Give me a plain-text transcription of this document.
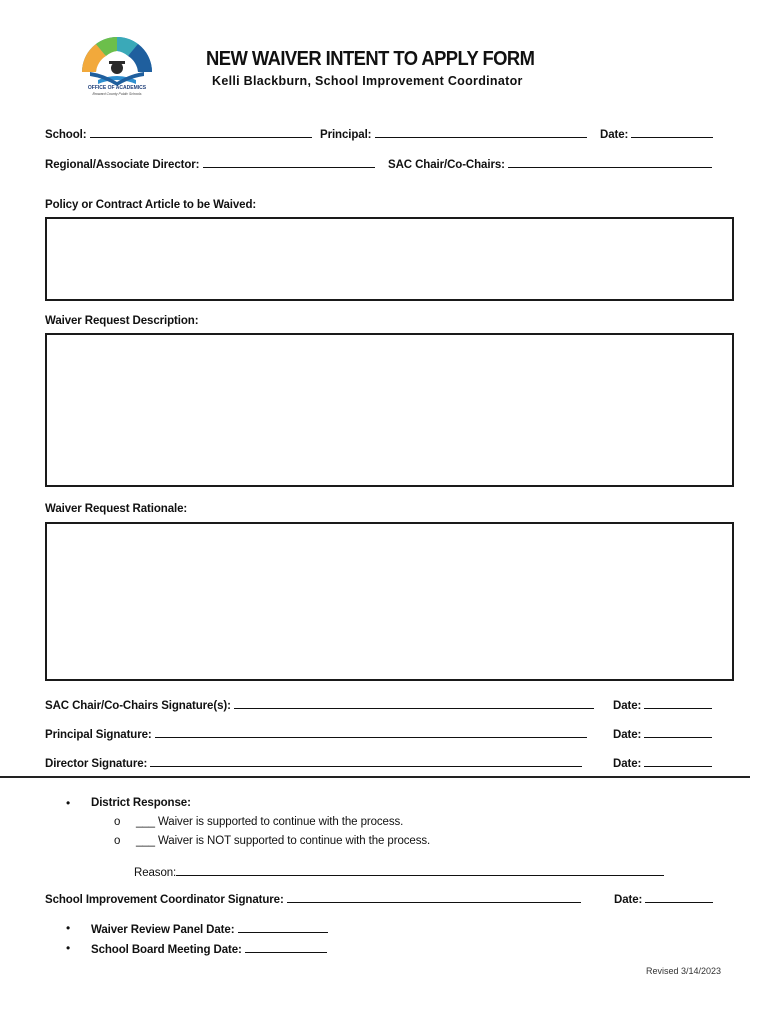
OFFICE OF ACADEMICS
Broward County Public Schools
NEW WAIVER INTENT TO APPLY FORM
Kelli Blackburn, School Improvement Coordinator
School:	Principal:	Date:
Regional/Associate Director:	SAC Chair/Co-Chairs:
Policy or Contract Article to be Waived:
Waiver Request Description:
Waiver Request Rationale:
SAC Chair/Co-Chairs Signature(s):	Date:
Principal Signature:	Date:
Director Signature:	Date:
• District Response:
o ___ Waiver is supported to continue with the process.
o ___ Waiver is NOT supported to continue with the process.
Reason:
School Improvement Coordinator Signature:	Date:
• Waiver Review Panel Date:
• School Board Meeting Date:
Revised 3/14/2023
